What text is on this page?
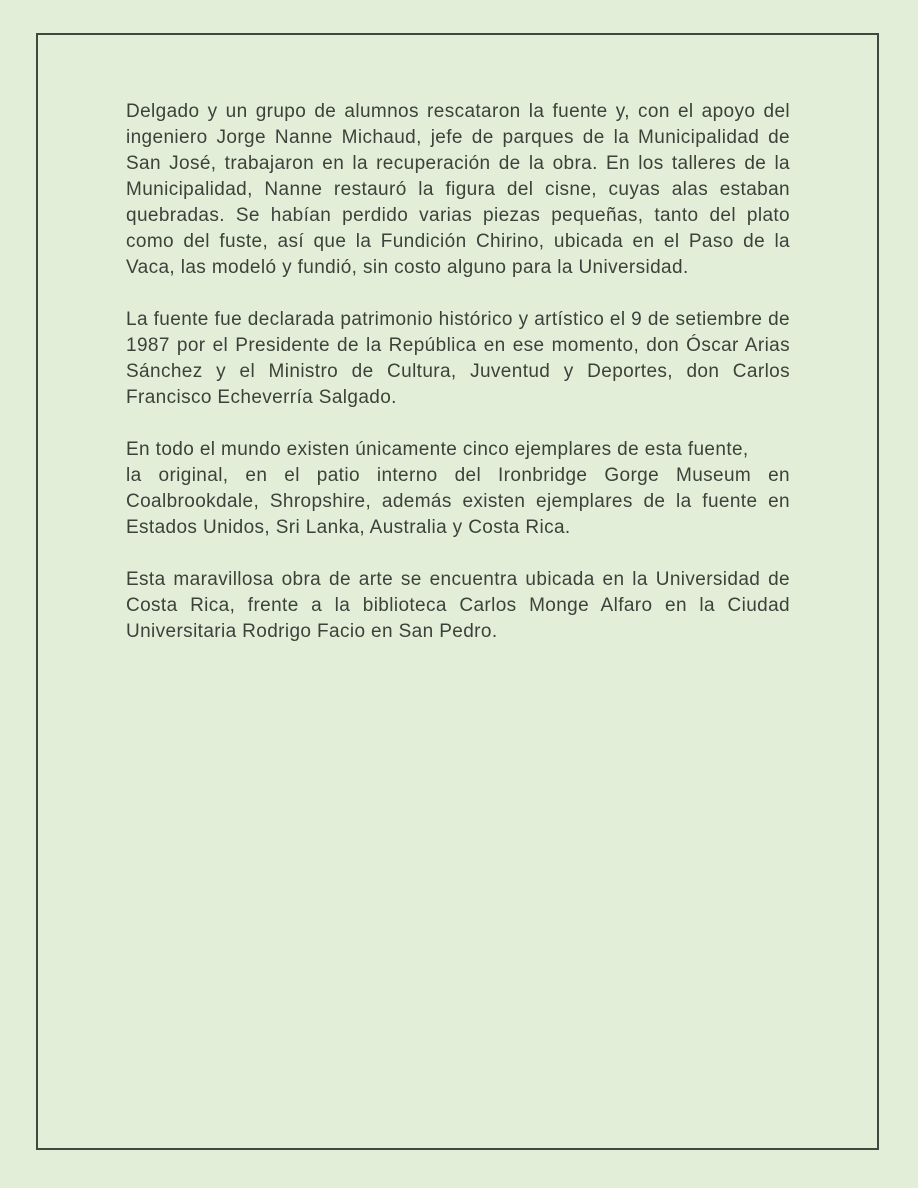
Delgado y un grupo de alumnos rescataron la fuente y, con el apoyo del ingeniero Jorge Nanne Michaud, jefe de parques de la Municipalidad de San José, trabajaron en la recuperación de la obra. En los talleres de la Municipalidad, Nanne restauró la figura del cisne, cuyas alas estaban quebradas. Se habían perdido varias piezas pequeñas, tanto del plato como del fuste, así que la Fundición Chirino, ubicada en el Paso de la Vaca, las modeló y fundió, sin costo alguno para la Universidad.

La fuente fue declarada patrimonio histórico y artístico el 9 de setiembre de 1987 por el Presidente de la República en ese momento, don Óscar Arias Sánchez y el Ministro de Cultura, Juventud y Deportes, don Carlos Francisco Echeverría Salgado.

En todo el mundo existen únicamente cinco ejemplares de esta fuente,

la original, en el patio interno del Ironbridge Gorge Museum en Coalbrookdale, Shropshire, además existen ejemplares de la fuente en Estados Unidos, Sri Lanka, Australia y Costa Rica.

Esta maravillosa obra de arte se encuentra ubicada en la Universidad de Costa Rica, frente a la biblioteca Carlos Monge Alfaro en la Ciudad Universitaria Rodrigo Facio en San Pedro.
